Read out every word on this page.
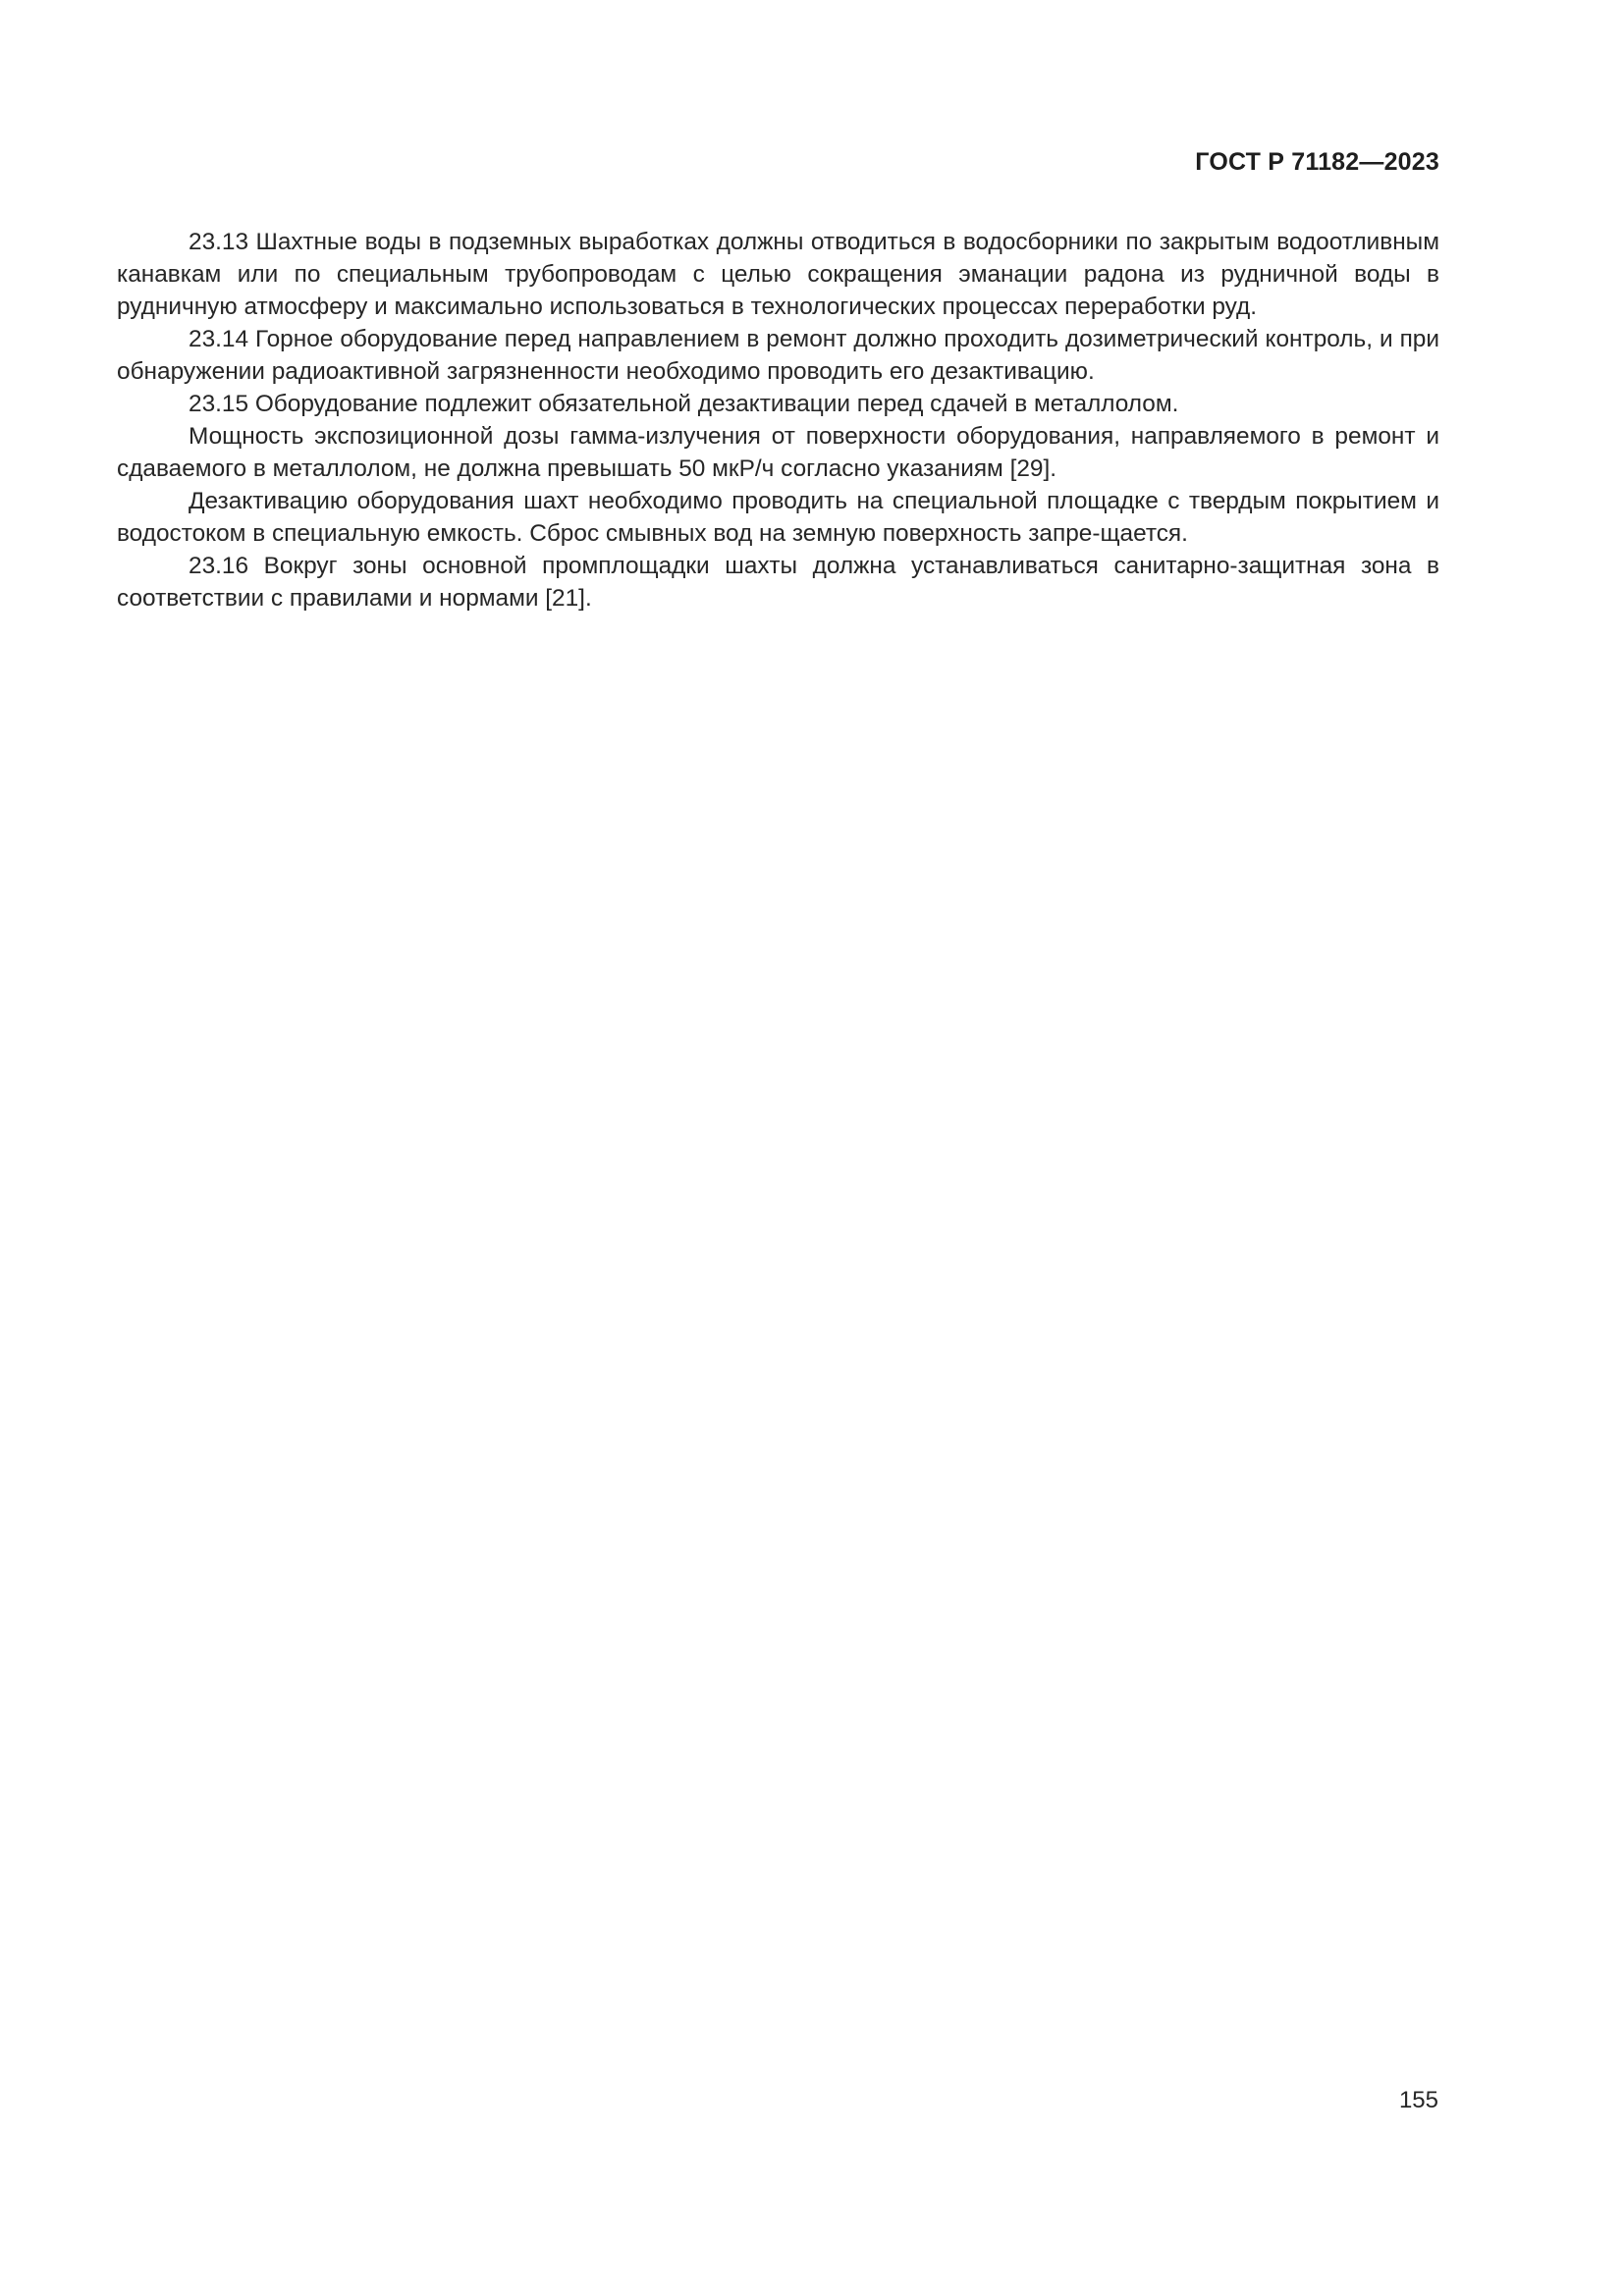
ГОСТ Р 71182—2023

23.13 Шахтные воды в подземных выработках должны отводиться в водосборники по закрытым водоотливным канавкам или по специальным трубопроводам с целью сокращения эманации радона из рудничной воды в рудничную атмосферу и максимально использоваться в технологических процессах переработки руд.

23.14 Горное оборудование перед направлением в ремонт должно проходить дозиметрический контроль, и при обнаружении радиоактивной загрязненности необходимо проводить его дезактивацию.

23.15 Оборудование подлежит обязательной дезактивации перед сдачей в металлолом.

Мощность экспозиционной дозы гамма-излучения от поверхности оборудования, направляемого в ремонт и сдаваемого в металлолом, не должна превышать 50 мкР/ч согласно указаниям [29].

Дезактивацию оборудования шахт необходимо проводить на специальной площадке с твердым покрытием и водостоком в специальную емкость. Сброс смывных вод на земную поверхность запре-щается.

23.16 Вокруг зоны основной промплощадки шахты должна устанавливаться санитарно-защитная зона в соответствии с правилами и нормами [21].

155
